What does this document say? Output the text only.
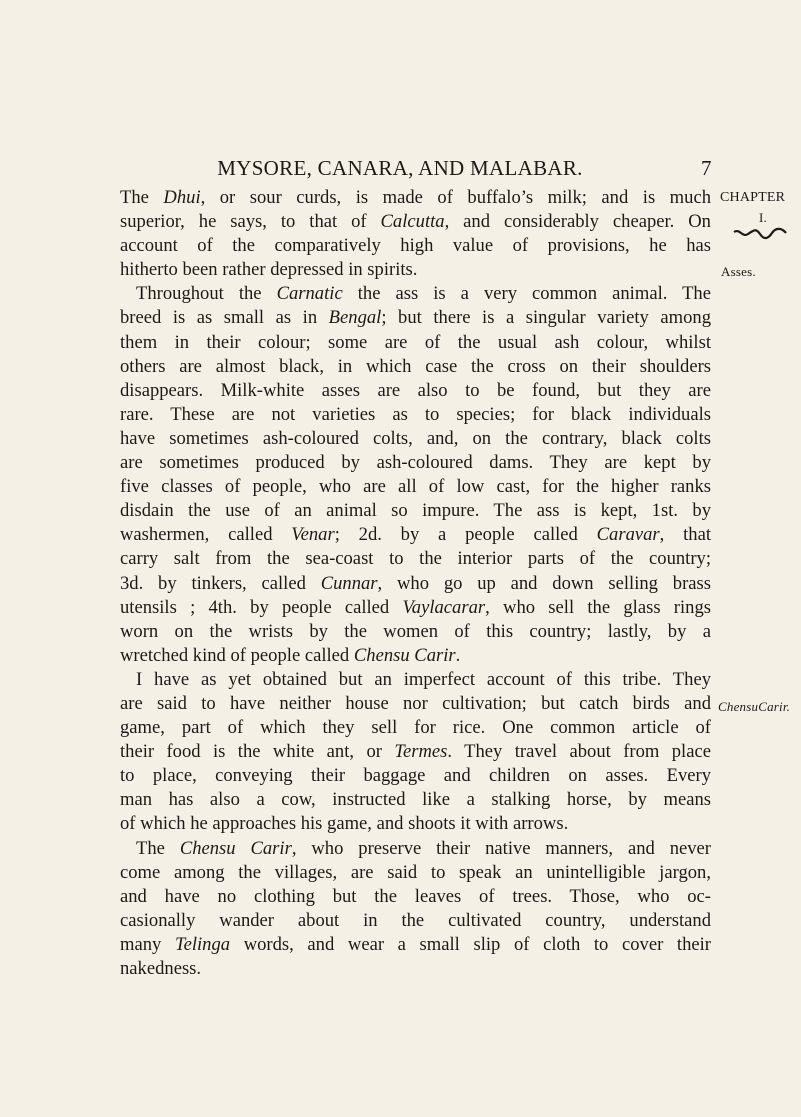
MYSORE, CANARA, AND MALABAR.	7
CHAPTER
I.
Asses.
ChensuCarir.
The Dhui, or sour curds, is made of buffalo’s milk; and is much
superior, he says, to that of Calcutta, and considerably cheaper. On
account of the comparatively high value of provisions, he has
hitherto been rather depressed in spirits.
Throughout the Carnatic the ass is a very common animal. The
breed is as small as in Bengal; but there is a singular variety among
them in their colour; some are of the usual ash colour, whilst
others are almost black, in which case the cross on their shoulders
disappears. Milk-white asses are also to be found, but they are
rare. These are not varieties as to species; for black individuals
have sometimes ash-coloured colts, and, on the contrary, black colts
are sometimes produced by ash-coloured dams. They are kept by
five classes of people, who are all of low cast, for the higher ranks
disdain the use of an animal so impure. The ass is kept, 1st. by
washermen, called Venar; 2d. by a people called Caravar, that
carry salt from the sea-coast to the interior parts of the country;
3d. by tinkers, called Cunnar, who go up and down selling brass
utensils ; 4th. by people called Vaylacarar, who sell the glass rings
worn on the wrists by the women of this country; lastly, by a
wretched kind of people called Chensu Carir.
I have as yet obtained but an imperfect account of this tribe. They
are said to have neither house nor cultivation; but catch birds and
game, part of which they sell for rice. One common article of
their food is the white ant, or Termes. They travel about from place
to place, conveying their baggage and children on asses. Every
man has also a cow, instructed like a stalking horse, by means
of which he approaches his game, and shoots it with arrows.
The Chensu Carir, who preserve their native manners, and never
come among the villages, are said to speak an unintelligible jargon,
and have no clothing but the leaves of trees. Those, who oc-
casionally wander about in the cultivated country, understand
many Telinga words, and wear a small slip of cloth to cover their
nakedness.
